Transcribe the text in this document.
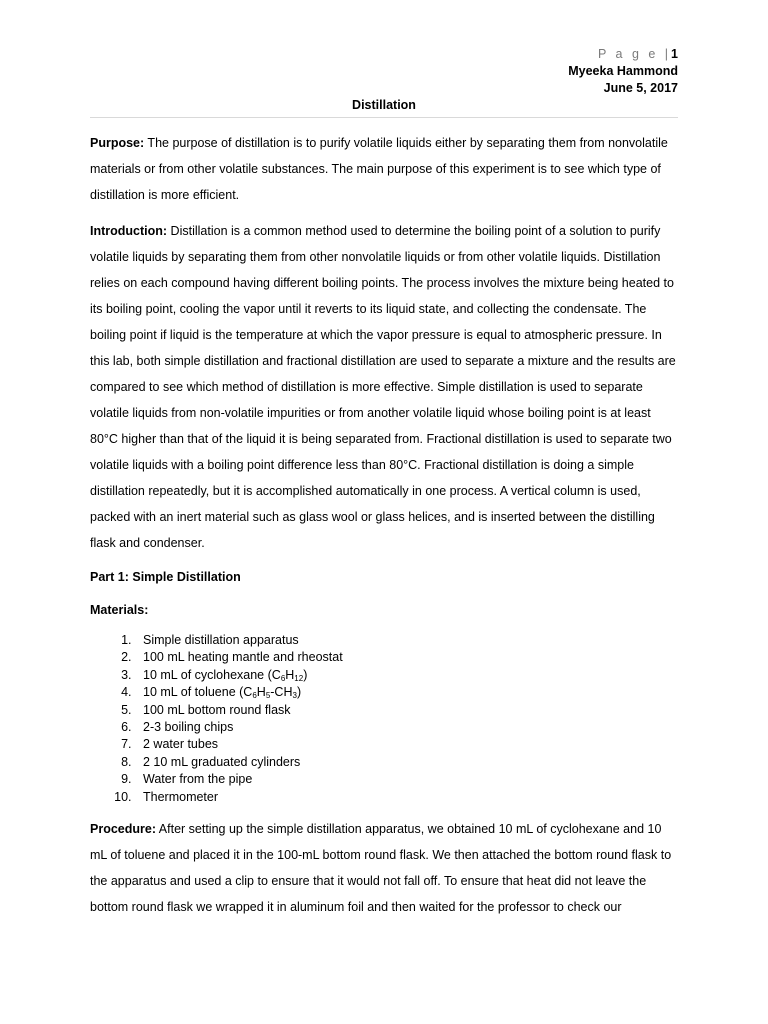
P a g e |1
Myeeka Hammond
June 5, 2017
Distillation

Purpose: The purpose of distillation is to purify volatile liquids either by separating them from nonvolatile materials or from other volatile substances. The main purpose of this experiment is to see which type of distillation is more efficient.

Introduction: Distillation is a common method used to determine the boiling point of a solution to purify volatile liquids by separating them from other nonvolatile liquids or from other volatile liquids. Distillation relies on each compound having different boiling points. The process involves the mixture being heated to its boiling point, cooling the vapor until it reverts to its liquid state, and collecting the condensate. The boiling point if liquid is the temperature at which the vapor pressure is equal to atmospheric pressure. In this lab, both simple distillation and fractional distillation are used to separate a mixture and the results are compared to see which method of distillation is more effective. Simple distillation is used to separate volatile liquids from non-volatile impurities or from another volatile liquid whose boiling point is at least 80°C higher than that of the liquid it is being separated from. Fractional distillation is used to separate two volatile liquids with a boiling point difference less than 80°C. Fractional distillation is doing a simple distillation repeatedly, but it is accomplished automatically in one process. A vertical column is used, packed with an inert material such as glass wool or glass helices, and is inserted between the distilling flask and condenser.

Part 1: Simple Distillation
Materials:
1. Simple distillation apparatus
2. 100 mL heating mantle and rheostat
3. 10 mL of cyclohexane $(C_6H_{12})$
4. 10 mL of toluene $(C_6H_5-CH_3)$
5. 100 mL bottom round flask
6. 2-3 boiling chips
7. 2 water tubes
8. 2 10 mL graduated cylinders
9. Water from the pipe
10. Thermometer

Procedure: After setting up the simple distillation apparatus, we obtained 10 mL of cyclohexane and 10 mL of toluene and placed it in the 100-mL bottom round flask. We then attached the bottom round flask to the apparatus and used a clip to ensure that it would not fall off. To ensure that heat did not leave the bottom round flask we wrapped it in aluminum foil and then waited for the professor to check our
